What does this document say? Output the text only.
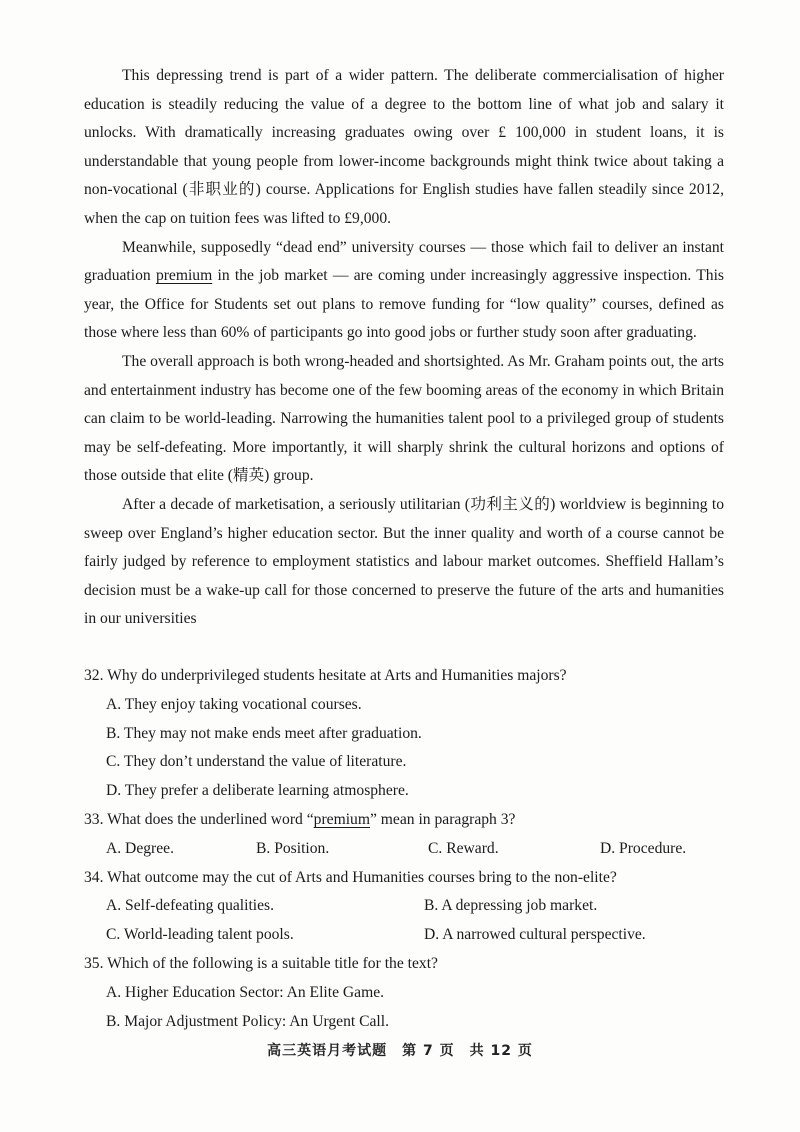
This depressing trend is part of a wider pattern. The deliberate commercialisation of higher education is steadily reducing the value of a degree to the bottom line of what job and salary it unlocks. With dramatically increasing graduates owing over £ 100,000 in student loans, it is understandable that young people from lower-income backgrounds might think twice about taking a non-vocational (非职业的) course. Applications for English studies have fallen steadily since 2012, when the cap on tuition fees was lifted to £9,000.

Meanwhile, supposedly “dead end” university courses — those which fail to deliver an instant graduation premium in the job market — are coming under increasingly aggressive inspection. This year, the Office for Students set out plans to remove funding for “low quality” courses, defined as those where less than 60% of participants go into good jobs or further study soon after graduating.

The overall approach is both wrong-headed and shortsighted. As Mr. Graham points out, the arts and entertainment industry has become one of the few booming areas of the economy in which Britain can claim to be world-leading. Narrowing the humanities talent pool to a privileged group of students may be self-defeating. More importantly, it will sharply shrink the cultural horizons and options of those outside that elite (精英) group.

After a decade of marketisation, a seriously utilitarian (功利主义的) worldview is beginning to sweep over England’s higher education sector. But the inner quality and worth of a course cannot be fairly judged by reference to employment statistics and labour market outcomes. Sheffield Hallam’s decision must be a wake-up call for those concerned to preserve the future of the arts and humanities in our universities

32. Why do underprivileged students hesitate at Arts and Humanities majors?
A. They enjoy taking vocational courses.
B. They may not make ends meet after graduation.
C. They don’t understand the value of literature.
D. They prefer a deliberate learning atmosphere.
33. What does the underlined word “premium” mean in paragraph 3?
A. Degree.	B. Position.	C. Reward.	D. Procedure.
34. What outcome may the cut of Arts and Humanities courses bring to the non-elite?
A. Self-defeating qualities.	B. A depressing job market.
C. World-leading talent pools.	D. A narrowed cultural perspective.
35. Which of the following is a suitable title for the text?
A. Higher Education Sector: An Elite Game.
B. Major Adjustment Policy: An Urgent Call.
高三英语月考试题　第 7 页　共 12 页
